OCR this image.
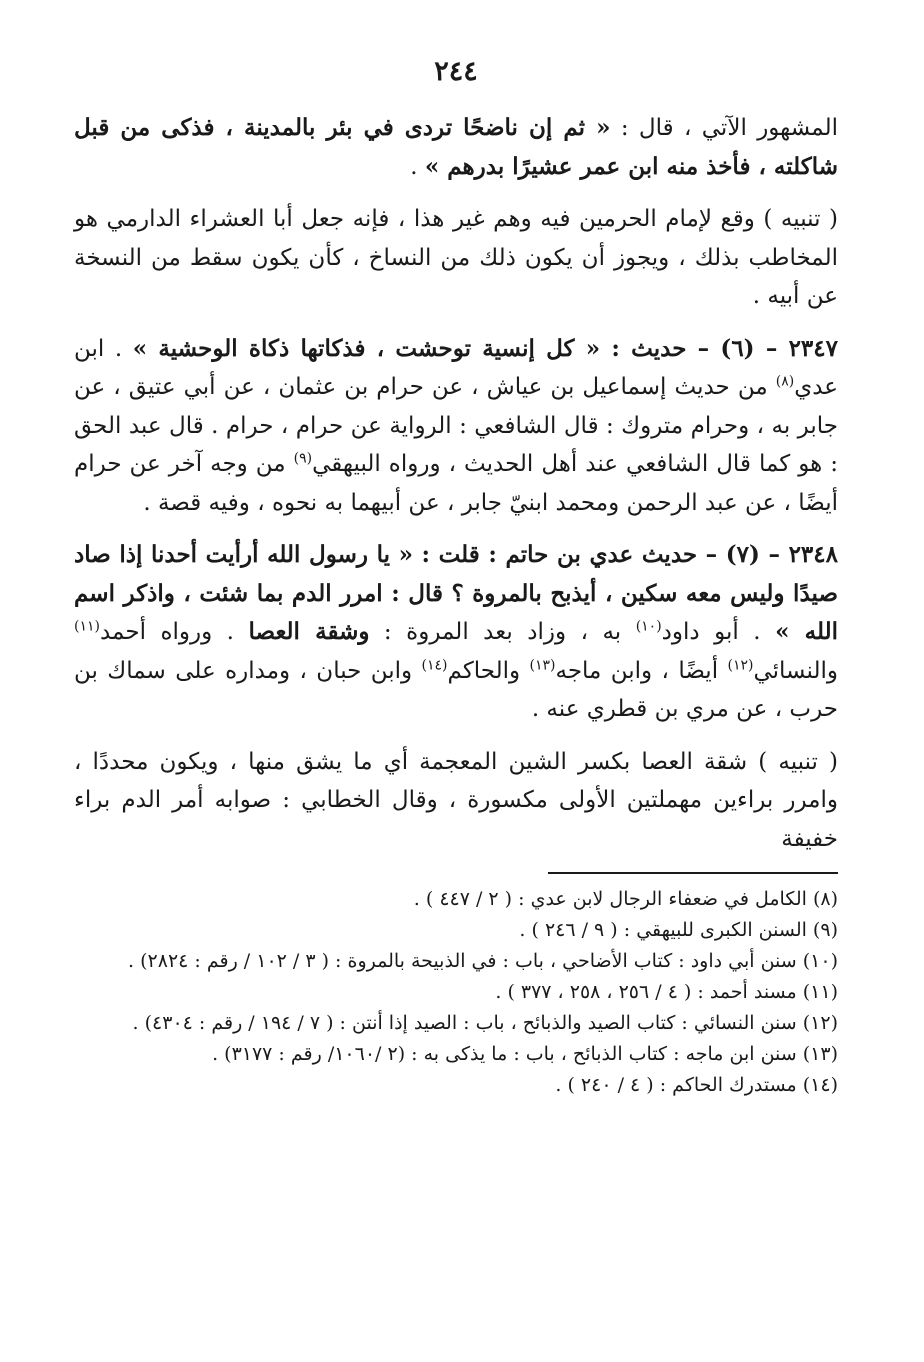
٢٤٤

المشهور الآتي ، قال : « ثم إن ناضحًا تردى في بئر بالمدينة ، فذكى من قبل شاكلته ، فأخذ منه ابن عمر عشيرًا بدرهم » .

( تنبيه ) وقع لإمام الحرمين فيه وهم غير هذا ، فإنه جعل أبا العشراء الدارمي هو المخاطب بذلك ، ويجوز أن يكون ذلك من النساخ ، كأن يكون سقط من النسخة عن أبيه .

٢٣٤٧ – (٦) – حديث : « كل إنسية توحشت ، فذكاتها ذكاة الوحشية » . ابن عدي$^{(٨)}$ من حديث إسماعيل بن عياش ، عن حرام بن عثمان ، عن أبي عتيق ، عن جابر به ، وحرام متروك : قال الشافعي : الرواية عن حرام ، حرام . قال عبد الحق : هو كما قال الشافعي عند أهل الحديث ، ورواه البيهقي$^{(٩)}$ من وجه آخر عن حرام أيضًا ، عن عبد الرحمن ومحمد ابنيّ جابر ، عن أبيهما به نحوه ، وفيه قصة .

٢٣٤٨ – (٧) – حديث عدي بن حاتم : قلت : « يا رسول الله أرأيت أحدنا إذا صاد صيدًا وليس معه سكين ، أيذبح بالمروة ؟ قال : امرر الدم بما شئت ، واذكر اسم الله » . أبو داود$^{(١٠)}$ به ، وزاد بعد المروة : وشقة العصا . ورواه أحمد$^{(١١)}$ والنسائي$^{(١٢)}$ أيضًا ، وابن ماجه$^{(١٣)}$ والحاكم$^{(١٤)}$ وابن حبان ، ومداره على سماك بن حرب ، عن مري بن قطري عنه .

( تنبيه ) شقة العصا بكسر الشين المعجمة أي ما يشق منها ، ويكون محددًا ، وامرر براءين مهملتين الأولى مكسورة ، وقال الخطابي : صوابه أمر الدم براء خفيفة

(٨) الكامل في ضعفاء الرجال لابن عدي : ( ٢ / ٤٤٧ ) .

(٩) السنن الكبرى للبيهقي : ( ٩ / ٢٤٦ ) .

(١٠) سنن أبي داود : كتاب الأضاحي ، باب : في الذبيحة بالمروة : ( ٣ / ١٠٢ / رقم : ٢٨٢٤) .

(١١) مسند أحمد : ( ٤ / ٢٥٦ ، ٢٥٨ ، ٣٧٧ ) .

(١٢) سنن النسائي : كتاب الصيد والذبائح ، باب : الصيد إذا أنتن : ( ٧ / ١٩٤ / رقم : ٤٣٠٤) .

(١٣) سنن ابن ماجه : كتاب الذبائح ، باب : ما يذكى به : (٢ /١٠٦٠/ رقم : ٣١٧٧) .

(١٤) مستدرك الحاكم : ( ٤ / ٢٤٠ ) .
